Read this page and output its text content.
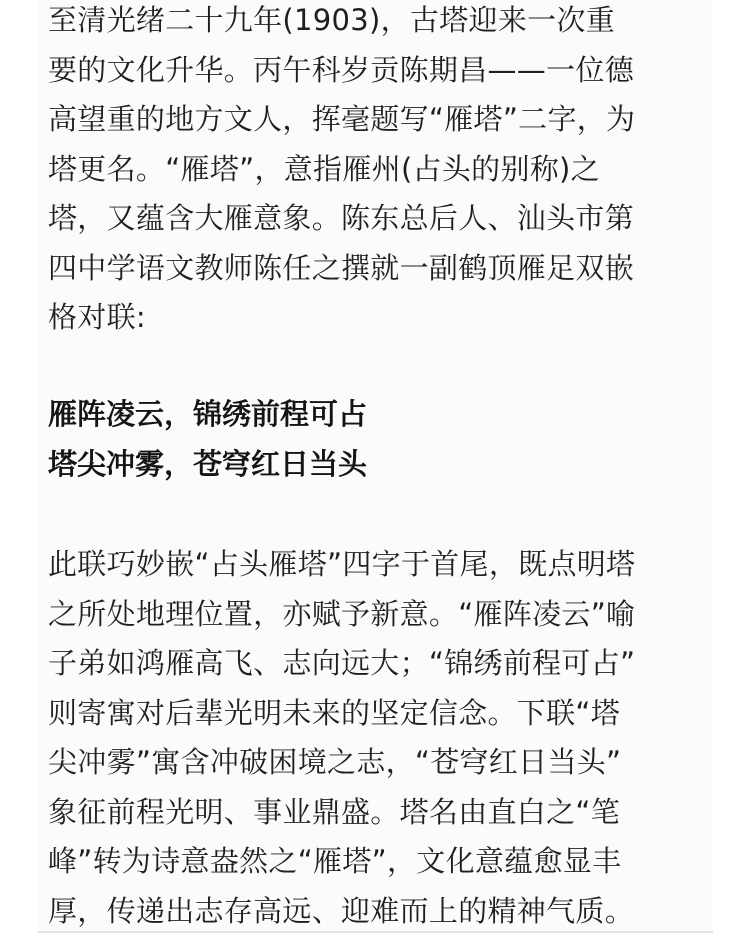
至清光绪二十九年(1903)，古塔迎来一次重
要的文化升华。丙午科岁贡陈期昌——一位德
高望重的地方文人，挥毫题写“雁塔”二字，为
塔更名。“雁塔”，意指雁州(占头的别称)之
塔，又蕴含大雁意象。陈东总后人、汕头市第
四中学语文教师陈任之撰就一副鹤顶雁足双嵌
格对联:

雁阵凌云，锦绣前程可占
塔尖冲雾，苍穹红日当头

此联巧妙嵌“占头雁塔”四字于首尾，既点明塔
之所处地理位置，亦赋予新意。“雁阵凌云”喻
子弟如鸿雁高飞、志向远大；“锦绣前程可占”
则寄寓对后辈光明未来的坚定信念。下联“塔
尖冲雾”寓含冲破困境之志，“苍穹红日当头”
象征前程光明、事业鼎盛。塔名由直白之“笔
峰”转为诗意盎然之“雁塔”，文化意蕴愈显丰
厚，传递出志存高远、迎难而上的精神气质。
